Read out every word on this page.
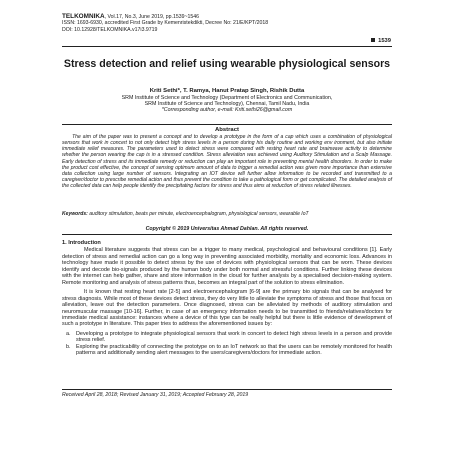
TELKOMNIKA, Vol.17, No.3, June 2019, pp.1539~1546
ISSN: 1693-6930, accredited First Grade by Kemenristekdikti, Decree No: 21/E/KPT/2018
DOI: 10.12928/TELKOMNIKA.v17i3.9719
1539
Stress detection and relief using wearable physiological sensors
Kriti Sethi*, T. Ramya, Hanut Pratap Singh, Rishik Dutta
SRM Institute of Science and Technology (Department of Electronics and Communication,
SRM Institute of Science and Technology), Chennai, Tamil Nadu, India
*Corresponding author, e-mail: Kriti.sethi26@gmail.com
Abstract
  The aim of the paper was to present a concept and to develop a prototype in the form of a cap which uses a combination of physiological sensors that work in concert to not only detect high stress levels in a person during his daily routine and working env ironment, but also initiate immediate relief measures. The parameters used to detect stress were compared with resting heart rate and brainwave activity to determine whether the person wearing the cap is in a stressed condition. Stress alleviation was achieved using Auditory Stimulation and a Scalp Massage. Early detection of stress and its immediate remedy or reduction can play an important role in preventing mental health disorders. In order to make the product cost effective, the concept of sensing optimum amount of data to trigger a remedial action was given more importance than extensive data collection using large number of sensors. Integrating an IOT device will further allow information to be recorded and transmitted to a caregiver/doctor to prescribe remedial action and thus prevent the condition to take a pathological form or get complicated. The detailed analysis of the collected data can help people identify the precipitating factors for stress and thus aims at reduction of stress related illnesses.
Keywords: auditory stimulation, beats per minute, electroencephalogram, physiological sensors, wearable IoT
Copyright © 2019 Universitas Ahmad Dahlan. All rights reserved.
1. Introduction

Medical literature suggests that stress can be a trigger to many medical, psychological and behavioural conditions [1]. Early detection of stress and remedial action can go a long way in preventing associated morbidity, mortality and economic loss. Advances in technology have made it possible to detect stress by the use of devices with physiological sensors that can be worn. These devices identify and decode bio-signals produced by the human body under both normal and stressful conditions. Further linking these devices with the internet can help gather, share and store information in the cloud for further analysis by a specialised decision-making system. Remote monitoring and analysis of stress patterns thus, becomes an integral part of the solution to stress elimination.

It is known that resting heart rate [2-5] and electroencephalogram [6-9] are the primary bio signals that can be analysed for stress diagnosis. While most of these devices detect stress, they do very little to alleviate the symptoms of stress and those that focus on alleviation, leave out the detection parameters. Once diagnosed, stress can be alleviated by methods of auditory stimulation and neuromuscular massage [10-16]. Further, in case of an emergency information needs to be transmitted to friends/relatives/doctors for immediate medical assistance: instances where a device of this type can be really helpful but there is little evidence of development of such a prototype in literature. This paper tries to address the aforementioned issues by:

a. Developing a prototype to integrate physiological sensors that work in concert to detect high stress levels in a person and provide stress relief.
b. Exploring the practicability of connecting the prototype on to an IoT network so that the users can be remotely monitored for health patterns and additionally sending alert messages to the users/caregivers/doctors for immediate action.
Received April 28, 2018; Revised January 31, 2019; Accepted February 28, 2019
